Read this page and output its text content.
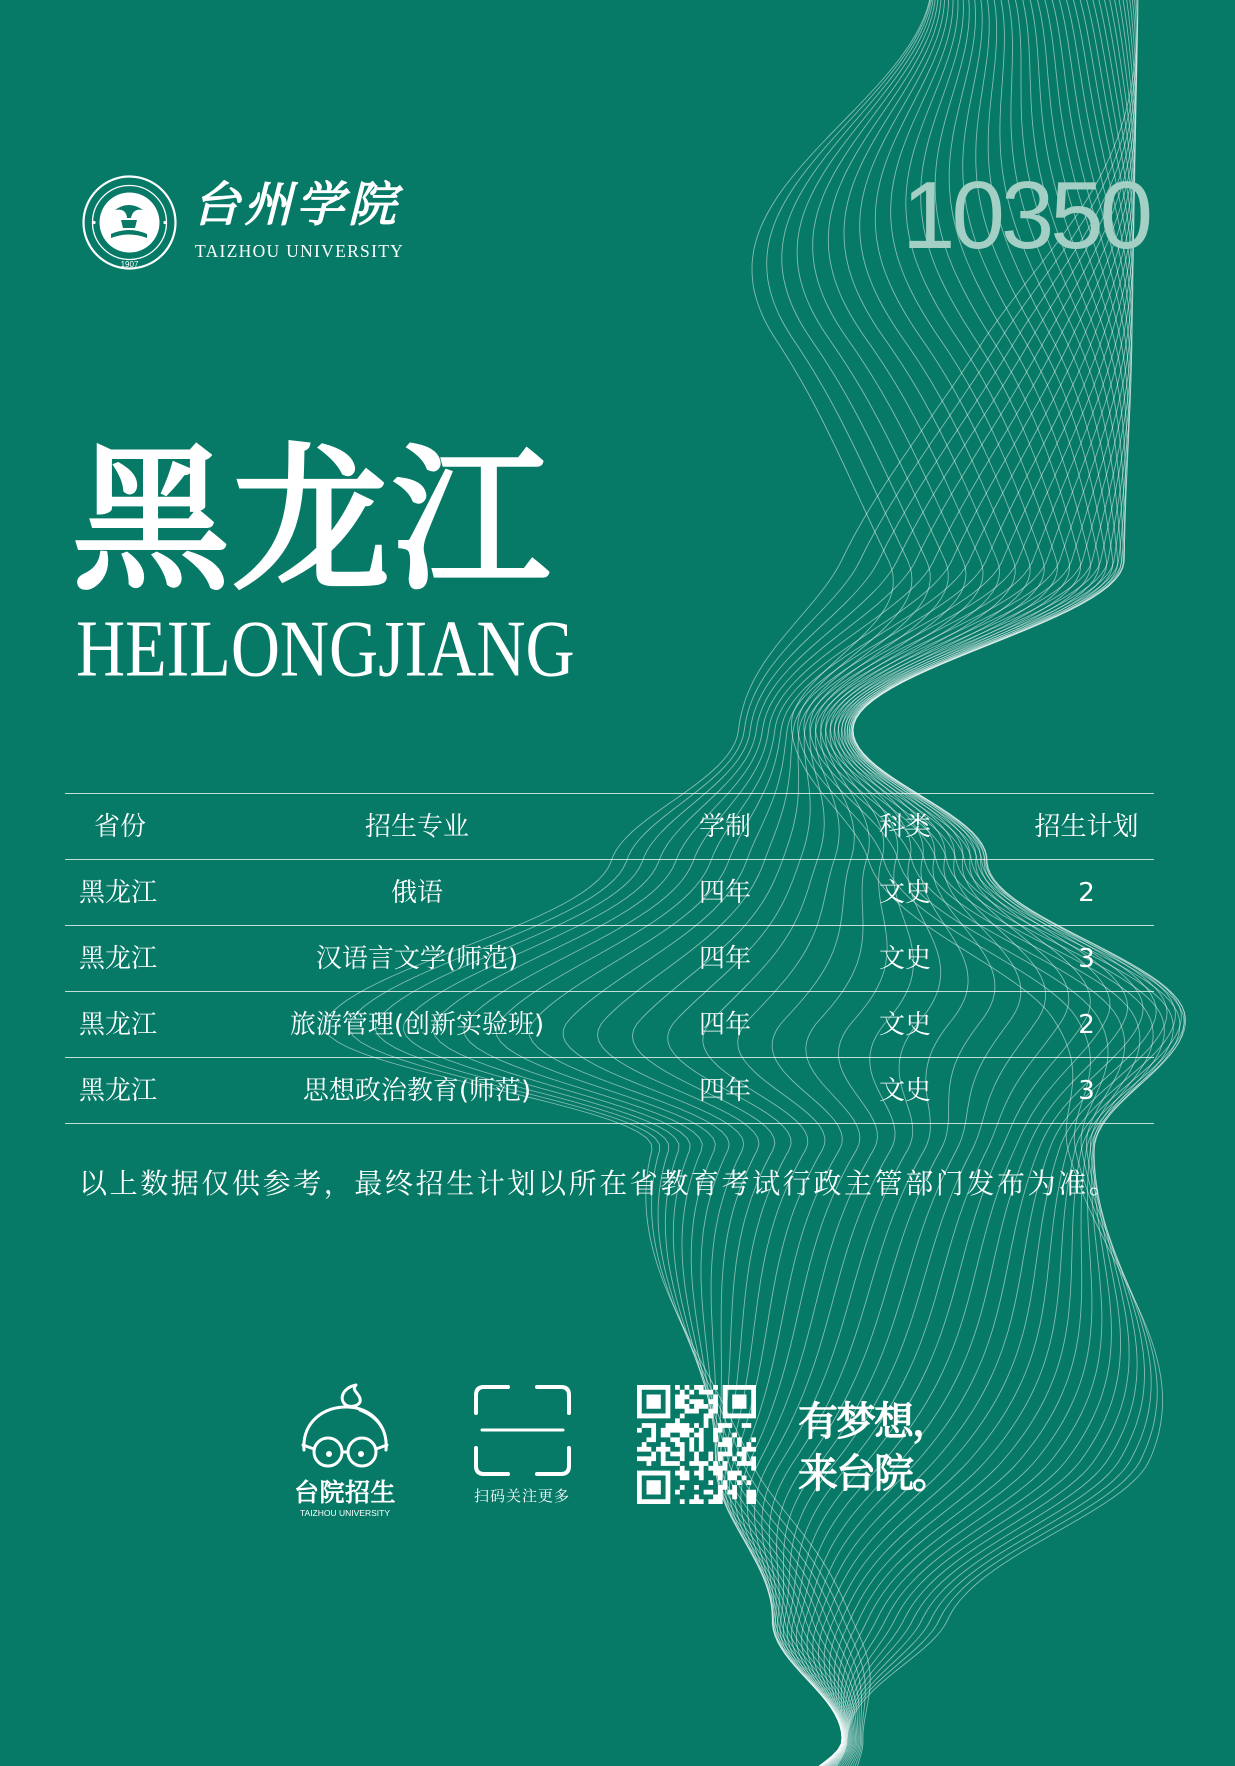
1907
台州学院
TAIZHOU UNIVERSITY	10350
黑龙江
HEILONGJIANG
省份	招生专业	学制	科类	招生计划
黑龙江	俄语	四年	文史	2
黑龙江	汉语言文学(师范)	四年	文史	3
黑龙江	旅游管理(创新实验班)	四年	文史	2
黑龙江	思想政治教育(师范)	四年	文史	3
以上数据仅供参考，最终招生计划以所在省教育考试行政主管部门发布为准。
台院招生
TAIZHOU UNIVERSITY
扫码关注更多
有梦想，
来台院。
